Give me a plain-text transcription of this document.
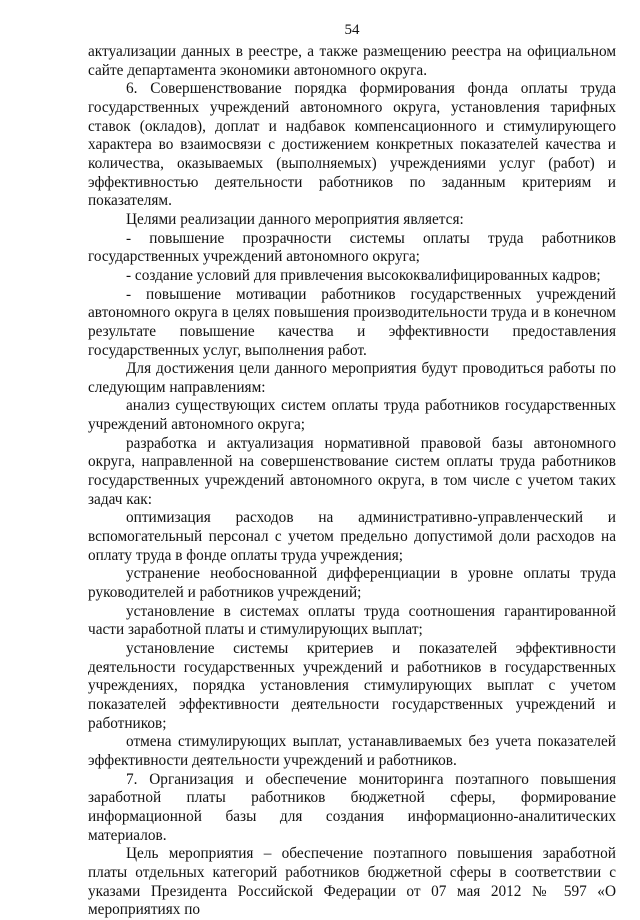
54

актуализации данных в реестре, а также размещению реестра на официальном сайте департамента экономики автономного округа.

6. Совершенствование порядка формирования фонда оплаты труда государственных учреждений автономного округа, установления тарифных ставок (окладов), доплат и надбавок компенсационного и стимулирующего характера во взаимосвязи с достижением конкретных показателей качества и количества, оказываемых (выполняемых) учреждениями услуг (работ) и эффективностью деятельности работников по заданным критериям и показателям.

Целями реализации данного мероприятия является:

- повышение прозрачности системы оплаты труда работников государственных учреждений автономного округа;

- создание условий для привлечения высококвалифицированных кадров;

- повышение мотивации работников государственных учреждений автономного округа в целях повышения производительности труда и в конечном результате повышение качества и эффективности предоставления государственных услуг, выполнения работ.

Для достижения цели данного мероприятия будут проводиться работы по следующим направлениям:

анализ существующих систем оплаты труда работников государственных учреждений автономного округа;

разработка и актуализация нормативной правовой базы автономного округа, направленной на совершенствование систем оплаты труда работников государственных учреждений автономного округа, в том числе с учетом таких задач как:

оптимизация расходов на административно-управленческий и вспомогательный персонал с учетом предельно допустимой доли расходов на оплату труда в фонде оплаты труда учреждения;

устранение необоснованной дифференциации в уровне оплаты труда руководителей и работников учреждений;

установление в системах оплаты труда соотношения гарантированной части заработной платы и стимулирующих выплат;

установление системы критериев и показателей эффективности деятельности государственных учреждений и работников в государственных учреждениях, порядка установления стимулирующих выплат с учетом показателей эффективности деятельности государственных учреждений и работников;

отмена стимулирующих выплат, устанавливаемых без учета показателей эффективности деятельности учреждений и работников.

7. Организация и обеспечение мониторинга поэтапного повышения заработной платы работников бюджетной сферы, формирование информационной базы для создания информационно-аналитических материалов.

Цель мероприятия – обеспечение поэтапного повышения заработной платы отдельных категорий работников бюджетной сферы в соответствии с указами Президента Российской Федерации от 07 мая 2012 № 597 «О мероприятиях по
